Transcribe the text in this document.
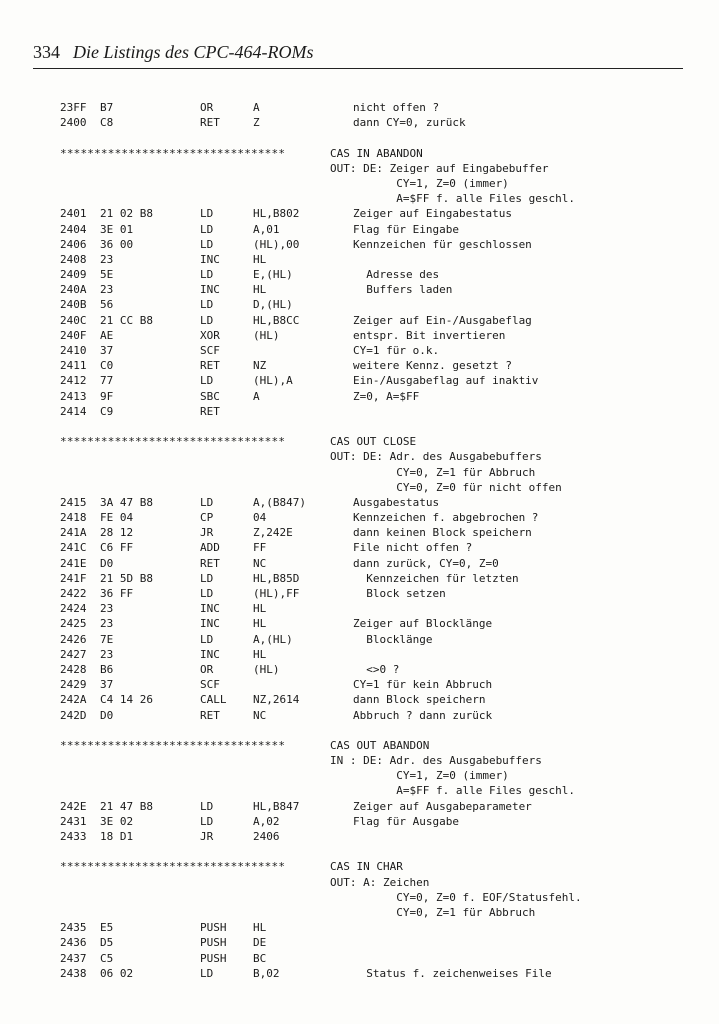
334 Die Listings des CPC-464-ROMs
23FF B7	OR	A	nicht offen ?
2400 C8	RET	Z	dann CY=0, zurück
*********************************	CAS IN ABANDON
OUT: DE: Zeiger auf Eingabebuffer
CY=1, Z=0 (immer)
A=$FF f. alle Files geschl.
2401 21 02 B8	LD	HL,B802	Zeiger auf Eingabestatus
2404 3E 01	LD	A,01	Flag für Eingabe
2406 36 00	LD	(HL),00	Kennzeichen für geschlossen
2408 23	INC	HL
2409 5E	LD	E,(HL)	Adresse des
240A 23	INC	HL	Buffers laden
240B 56	LD	D,(HL)
240C 21 CC B8	LD	HL,B8CC	Zeiger auf Ein-/Ausgabeflag
240F AE	XOR	(HL)	entspr. Bit invertieren
2410 37	SCF	CY=1 für o.k.
2411 C0	RET	NZ	weitere Kennz. gesetzt ?
2412 77	LD	(HL),A	Ein-/Ausgabeflag auf inaktiv
2413 9F	SBC	A	Z=0, A=$FF
2414 C9	RET
*********************************	CAS OUT CLOSE
OUT: DE: Adr. des Ausgabebuffers
CY=0, Z=1 für Abbruch
CY=0, Z=0 für nicht offen
2415 3A 47 B8	LD	A,(B847)	Ausgabestatus
2418 FE 04	CP	04	Kennzeichen f. abgebrochen ?
241A 28 12	JR	Z,242E	dann keinen Block speichern
241C C6 FF	ADD	FF	File nicht offen ?
241E D0	RET	NC	dann zurück, CY=0, Z=0
241F 21 5D B8	LD	HL,B85D	Kennzeichen für letzten
2422 36 FF	LD	(HL),FF	Block setzen
2424 23	INC	HL
2425 23	INC	HL	Zeiger auf Blocklänge
2426 7E	LD	A,(HL)	Blocklänge
2427 23	INC	HL
2428 B6	OR	(HL)	<>0 ?
2429 37	SCF	CY=1 für kein Abbruch
242A C4 14 26	CALL NZ,2614	dann Block speichern
242D D0	RET	NC	Abbruch ? dann zurück
*********************************	CAS OUT ABANDON
IN : DE: Adr. des Ausgabebuffers
CY=1, Z=0 (immer)
A=$FF f. alle Files geschl.
242E 21 47 B8	LD	HL,B847	Zeiger auf Ausgabeparameter
2431 3E 02	LD	A,02	Flag für Ausgabe
2433 18 D1	JR	2406
*********************************	CAS IN CHAR
OUT: A: Zeichen
CY=0, Z=0 f. EOF/Statusfehl.
CY=0, Z=1 für Abbruch
2435 E5	PUSH HL
2436 D5	PUSH DE
2437 C5	PUSH BC
2438 06 02	LD	B,02	Status f. zeichenweises File
